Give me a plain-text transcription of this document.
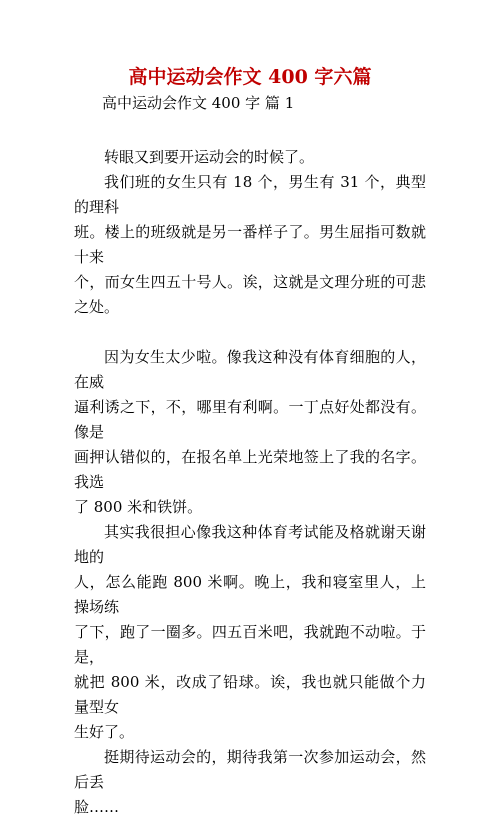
高中运动会作文 400 字六篇
高中运动会作文 400 字 篇 1

转眼又到要开运动会的时候了。

我们班的女生只有 18 个，男生有 31 个，典型的理科
班。楼上的班级就是另一番样子了。男生屈指可数就十来
个，而女生四五十号人。诶，这就是文理分班的可悲之处。

因为女生太少啦。像我这种没有体育细胞的人，在威
逼利诱之下，不，哪里有利啊。一丁点好处都没有。像是
画押认错似的，在报名单上光荣地签上了我的名字。我选
了 800 米和铁饼。

其实我很担心像我这种体育考试能及格就谢天谢地的
人，怎么能跑 800 米啊。晚上，我和寝室里人，上操场练
了下，跑了一圈多。四五百米吧，我就跑不动啦。于是，
就把 800 米，改成了铅球。诶，我也就只能做个力量型女
生好了。

挺期待运动会的，期待我第一次参加运动会，然后丢
脸……
